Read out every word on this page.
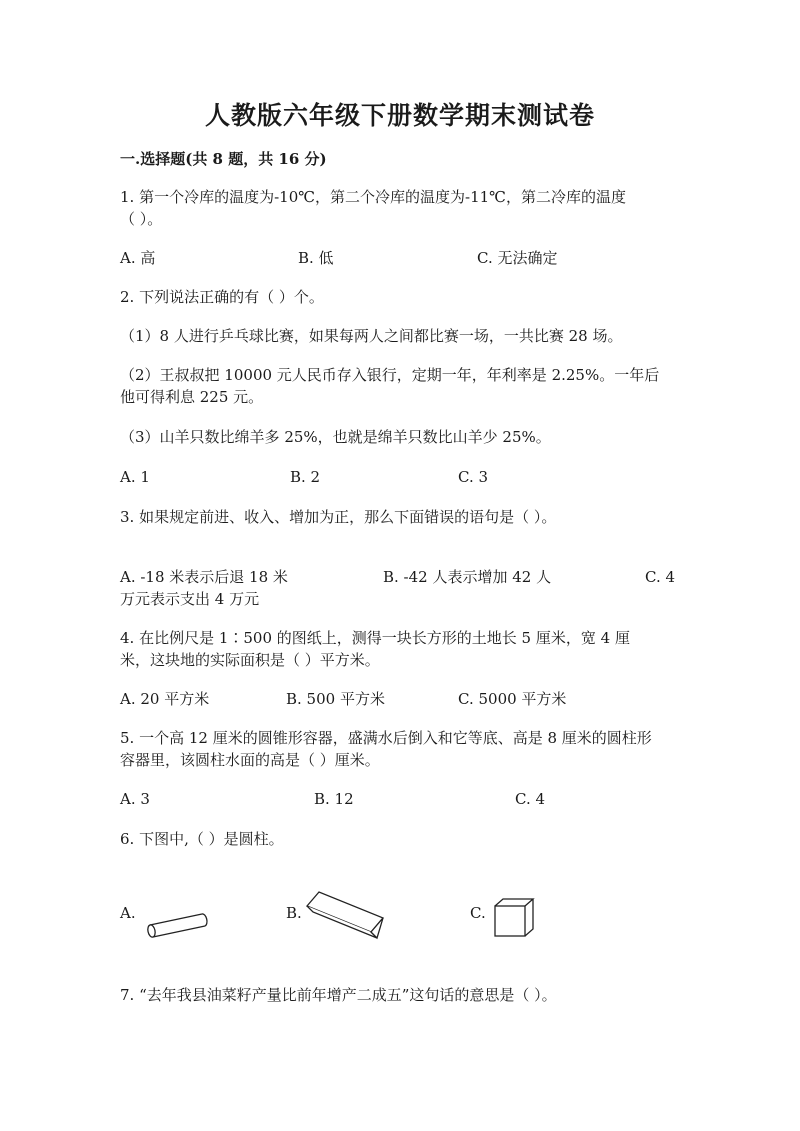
人教版六年级下册数学期末测试卷
一.选择题(共 8 题，共 16 分)
1. 第一个冷库的温度为-10℃，第二个冷库的温度为-11℃，第二冷库的温度
（ ）。
A. 高	B. 低	C. 无法确定
2. 下列说法正确的有（ ）个。
（1）8 人进行乒乓球比赛，如果每两人之间都比赛一场，一共比赛 28 场。
（2）王叔叔把 10000 元人民币存入银行，定期一年，年利率是 2.25%。一年后
他可得利息 225 元。
（3）山羊只数比绵羊多 25%，也就是绵羊只数比山羊少 25%。
A. 1	B. 2	C. 3
3. 如果规定前进、收入、增加为正，那么下面错误的语句是（ ）。
A. -18 米表示后退 18 米	B. -42 人表示增加 42 人	C. 4
万元表示支出 4 万元
4. 在比例尺是 1∶500 的图纸上，测得一块长方形的土地长 5 厘米，宽 4 厘
米，这块地的实际面积是（ ）平方米。
A. 20 平方米	B. 500 平方米	C. 5000 平方米
5. 一个高 12 厘米的圆锥形容器，盛满水后倒入和它等底、高是 8 厘米的圆柱形
容器里，该圆柱水面的高是（ ）厘米。
A. 3	B. 12	C. 4
6. 下图中,（ ）是圆柱。
A.	B.	C.
7. “去年我县油菜籽产量比前年增产二成五”这句话的意思是（ ）。
